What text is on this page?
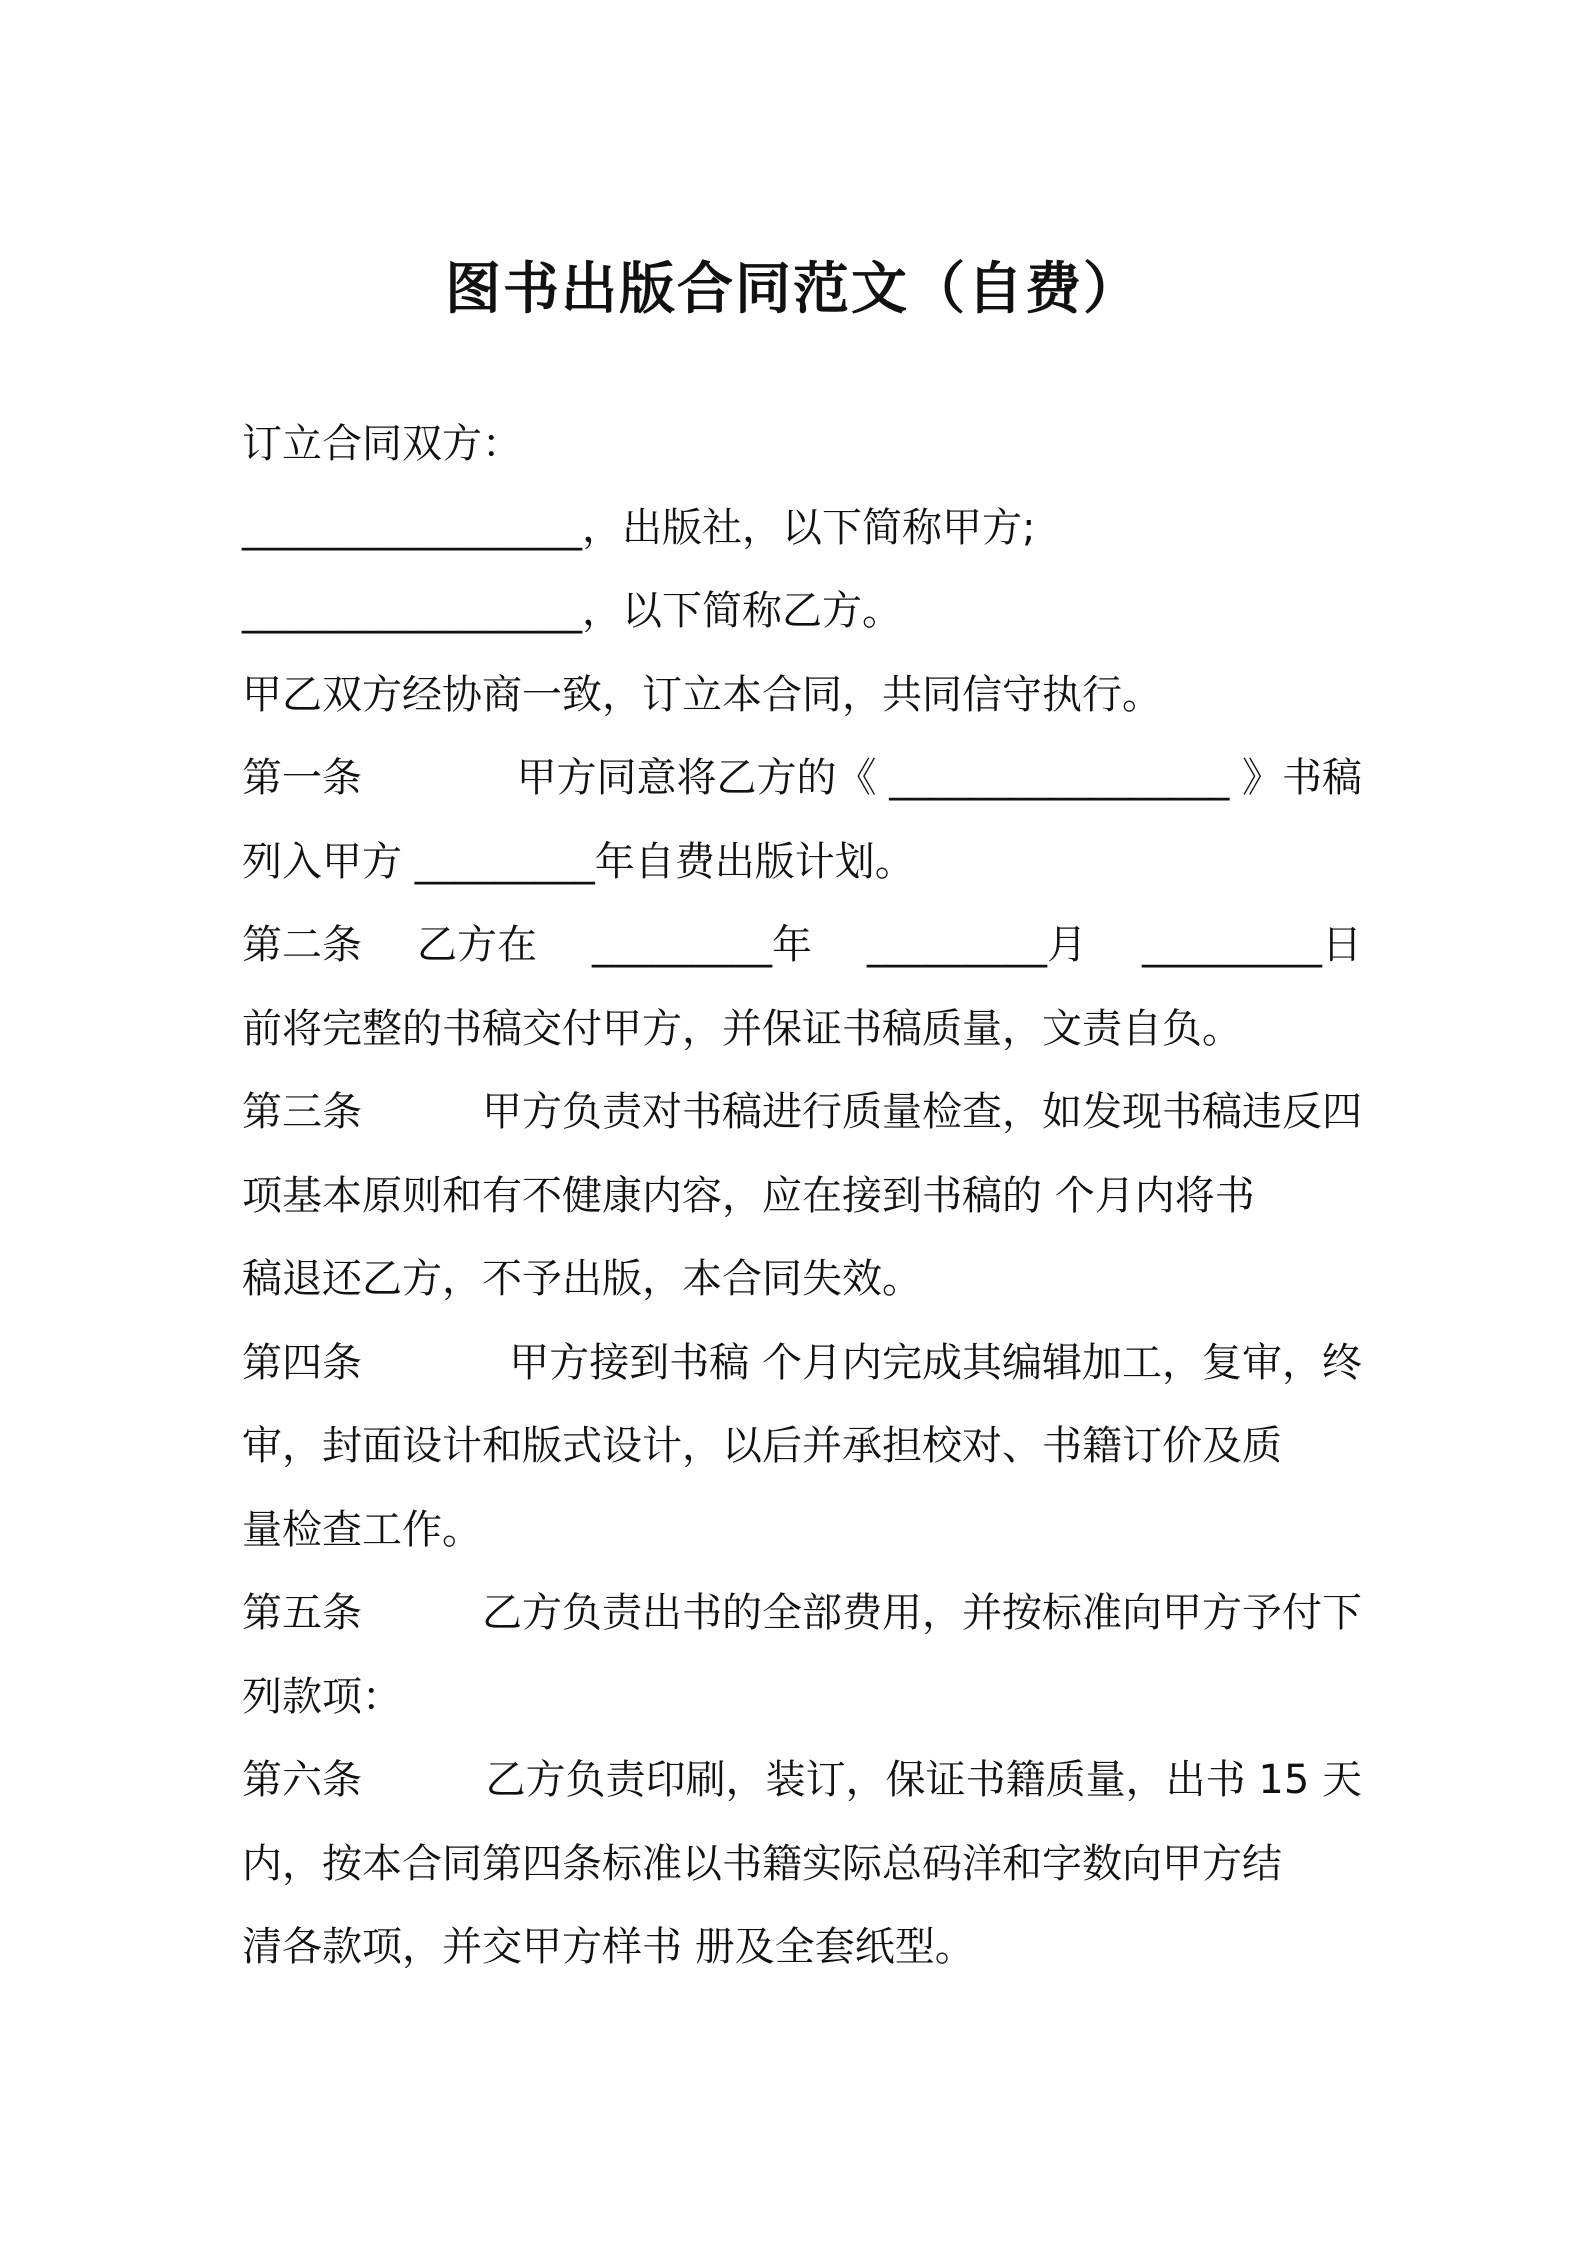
图书出版合同范文（自费）
订立合同双方：
_________________，出版社，以下简称甲方;
_________________，以下简称乙方。
甲乙双方经协商一致，订立本合同，共同信守执行。
第一条	甲方同意将乙方的《 _________________ 》书稿
列入甲方 _________年自费出版计划。
第二条 乙方在 _________年 _________月 _________日
前将完整的书稿交付甲方，并保证书稿质量，文责自负。
第三条	甲方负责对书稿进行质量检查，如发现书稿违反四
项基本原则和有不健康内容，应在接到书稿的 个月内将书
稿退还乙方，不予出版，本合同失效。
第四条	甲方接到书稿 个月内完成其编辑加工，复审，终
审，封面设计和版式设计，以后并承担校对、书籍订价及质
量检查工作。
第五条	乙方负责出书的全部费用，并按标准向甲方予付下
列款项：
第六条	乙方负责印刷，装订，保证书籍质量，出书 15 天
内，按本合同第四条标准以书籍实际总码洋和字数向甲方结
清各款项，并交甲方样书 册及全套纸型。
